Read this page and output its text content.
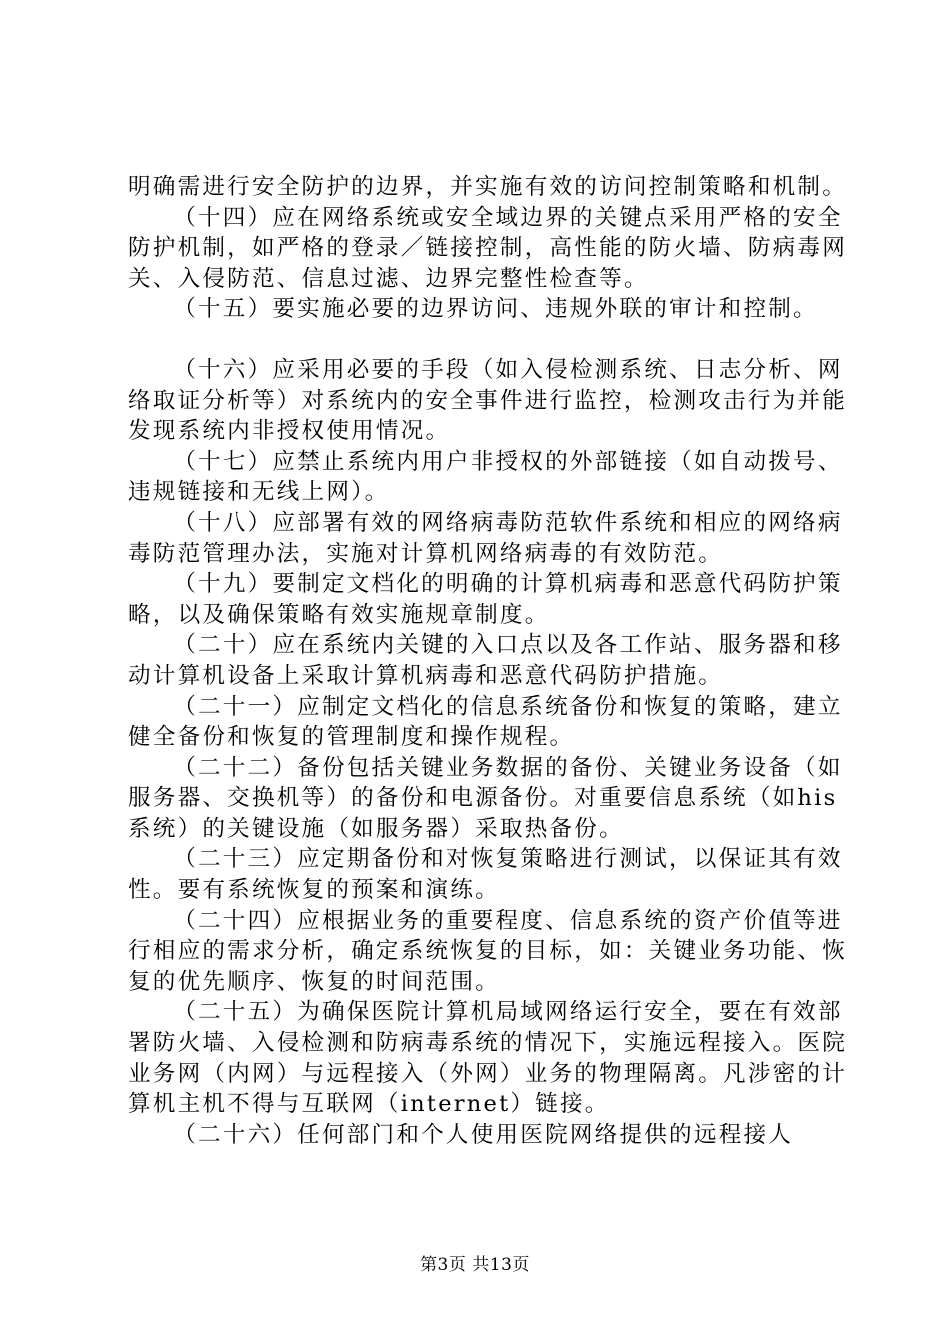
明确需进行安全防护的边界，并实施有效的访问控制策略和机制。

（十四）应在网络系统或安全域边界的关键点采用严格的安全防护机制，如严格的登录／链接控制，高性能的防火墙、防病毒网关、入侵防范、信息过滤、边界完整性检查等。

（十五）要实施必要的边界访问、违规外联的审计和控制。

（十六）应采用必要的手段（如入侵检测系统、日志分析、网络取证分析等）对系统内的安全事件进行监控，检测攻击行为并能发现系统内非授权使用情况。

（十七）应禁止系统内用户非授权的外部链接（如自动拨号、违规链接和无线上网）。

（十八）应部署有效的网络病毒防范软件系统和相应的网络病毒防范管理办法，实施对计算机网络病毒的有效防范。

（十九）要制定文档化的明确的计算机病毒和恶意代码防护策略，以及确保策略有效实施规章制度。

（二十）应在系统内关键的入口点以及各工作站、服务器和移动计算机设备上采取计算机病毒和恶意代码防护措施。

（二十一）应制定文档化的信息系统备份和恢复的策略，建立健全备份和恢复的管理制度和操作规程。

（二十二）备份包括关键业务数据的备份、关键业务设备（如服务器、交换机等）的备份和电源备份。对重要信息系统（如his系统）的关键设施（如服务器）采取热备份。

（二十三）应定期备份和对恢复策略进行测试，以保证其有效性。要有系统恢复的预案和演练。

（二十四）应根据业务的重要程度、信息系统的资产价值等进行相应的需求分析，确定系统恢复的目标，如：关键业务功能、恢复的优先顺序、恢复的时间范围。

（二十五）为确保医院计算机局域网络运行安全，要在有效部署防火墙、入侵检测和防病毒系统的情况下，实施远程接入。医院业务网（内网）与远程接入（外网）业务的物理隔离。凡涉密的计算机主机不得与互联网（internet）链接。

（二十六）任何部门和个人使用医院网络提供的远程接人

第3页 共13页
